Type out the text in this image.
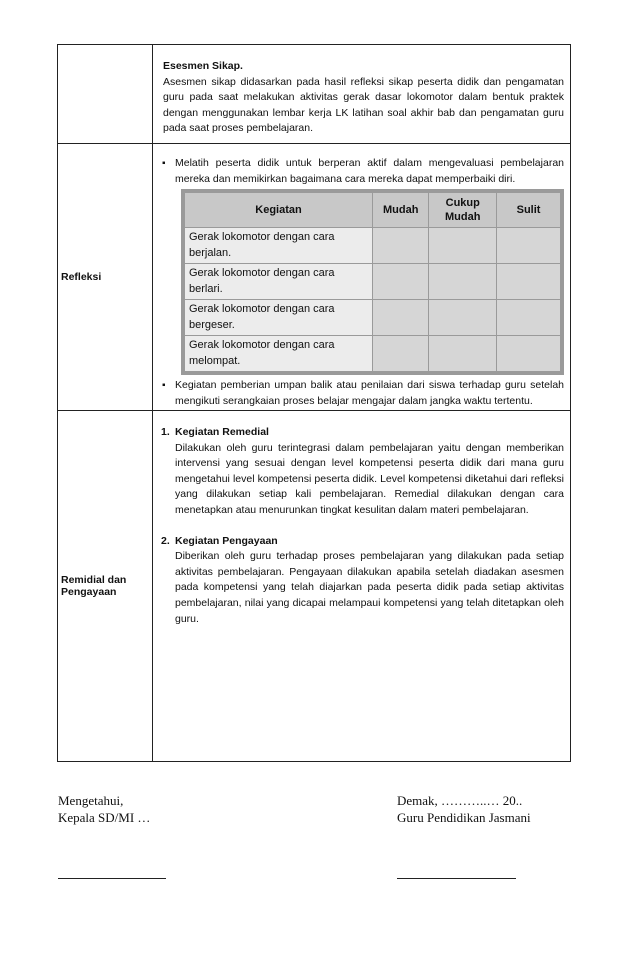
Esesmen Sikap.
Asesmen sikap didasarkan pada hasil refleksi sikap peserta didik dan pengamatan guru pada saat melakukan aktivitas gerak dasar lokomotor dalam bentuk praktek dengan menggunakan lembar kerja LK latihan soal akhir bab dan pengamatan guru pada saat proses pembelajaran.

Refleksi

▪ Melatih peserta didik untuk berperan aktif dalam mengevaluasi pembelajaran mereka dan memikirkan bagaimana cara mereka dapat memperbaiki diri.
Kegiatan	Mudah	Cukup Mudah	Sulit
Gerak lokomotor dengan cara berjalan.			
Gerak lokomotor dengan cara berlari.			
Gerak lokomotor dengan cara bergeser.			
Gerak lokomotor dengan cara melompat.			
▪ Kegiatan pemberian umpan balik atau penilaian dari siswa terhadap guru setelah mengikuti serangkaian proses belajar mengajar dalam jangka waktu tertentu.

Remidial dan Pengayaan

1. Kegiatan Remedial
Dilakukan oleh guru terintegrasi dalam pembelajaran yaitu dengan memberikan intervensi yang sesuai dengan level kompetensi peserta didik dari mana guru mengetahui level kompetensi peserta didik. Level kompetensi diketahui dari refleksi yang dilakukan setiap kali pembelajaran. Remedial dilakukan dengan cara menetapkan atau menurunkan tingkat kesulitan dalam materi pembelajaran.
2. Kegiatan Pengayaan
Diberikan oleh guru terhadap proses pembelajaran yang dilakukan pada setiap aktivitas pembelajaran. Pengayaan dilakukan apabila setelah diadakan asesmen pada kompetensi yang telah diajarkan pada peserta didik pada setiap aktivitas pembelajaran, nilai yang dicapai melampaui kompetensi yang telah ditetapkan oleh guru.
Mengetahui,
Kepala SD/MI …
Demak, ………..… 20..
Guru Pendidikan Jasmani
